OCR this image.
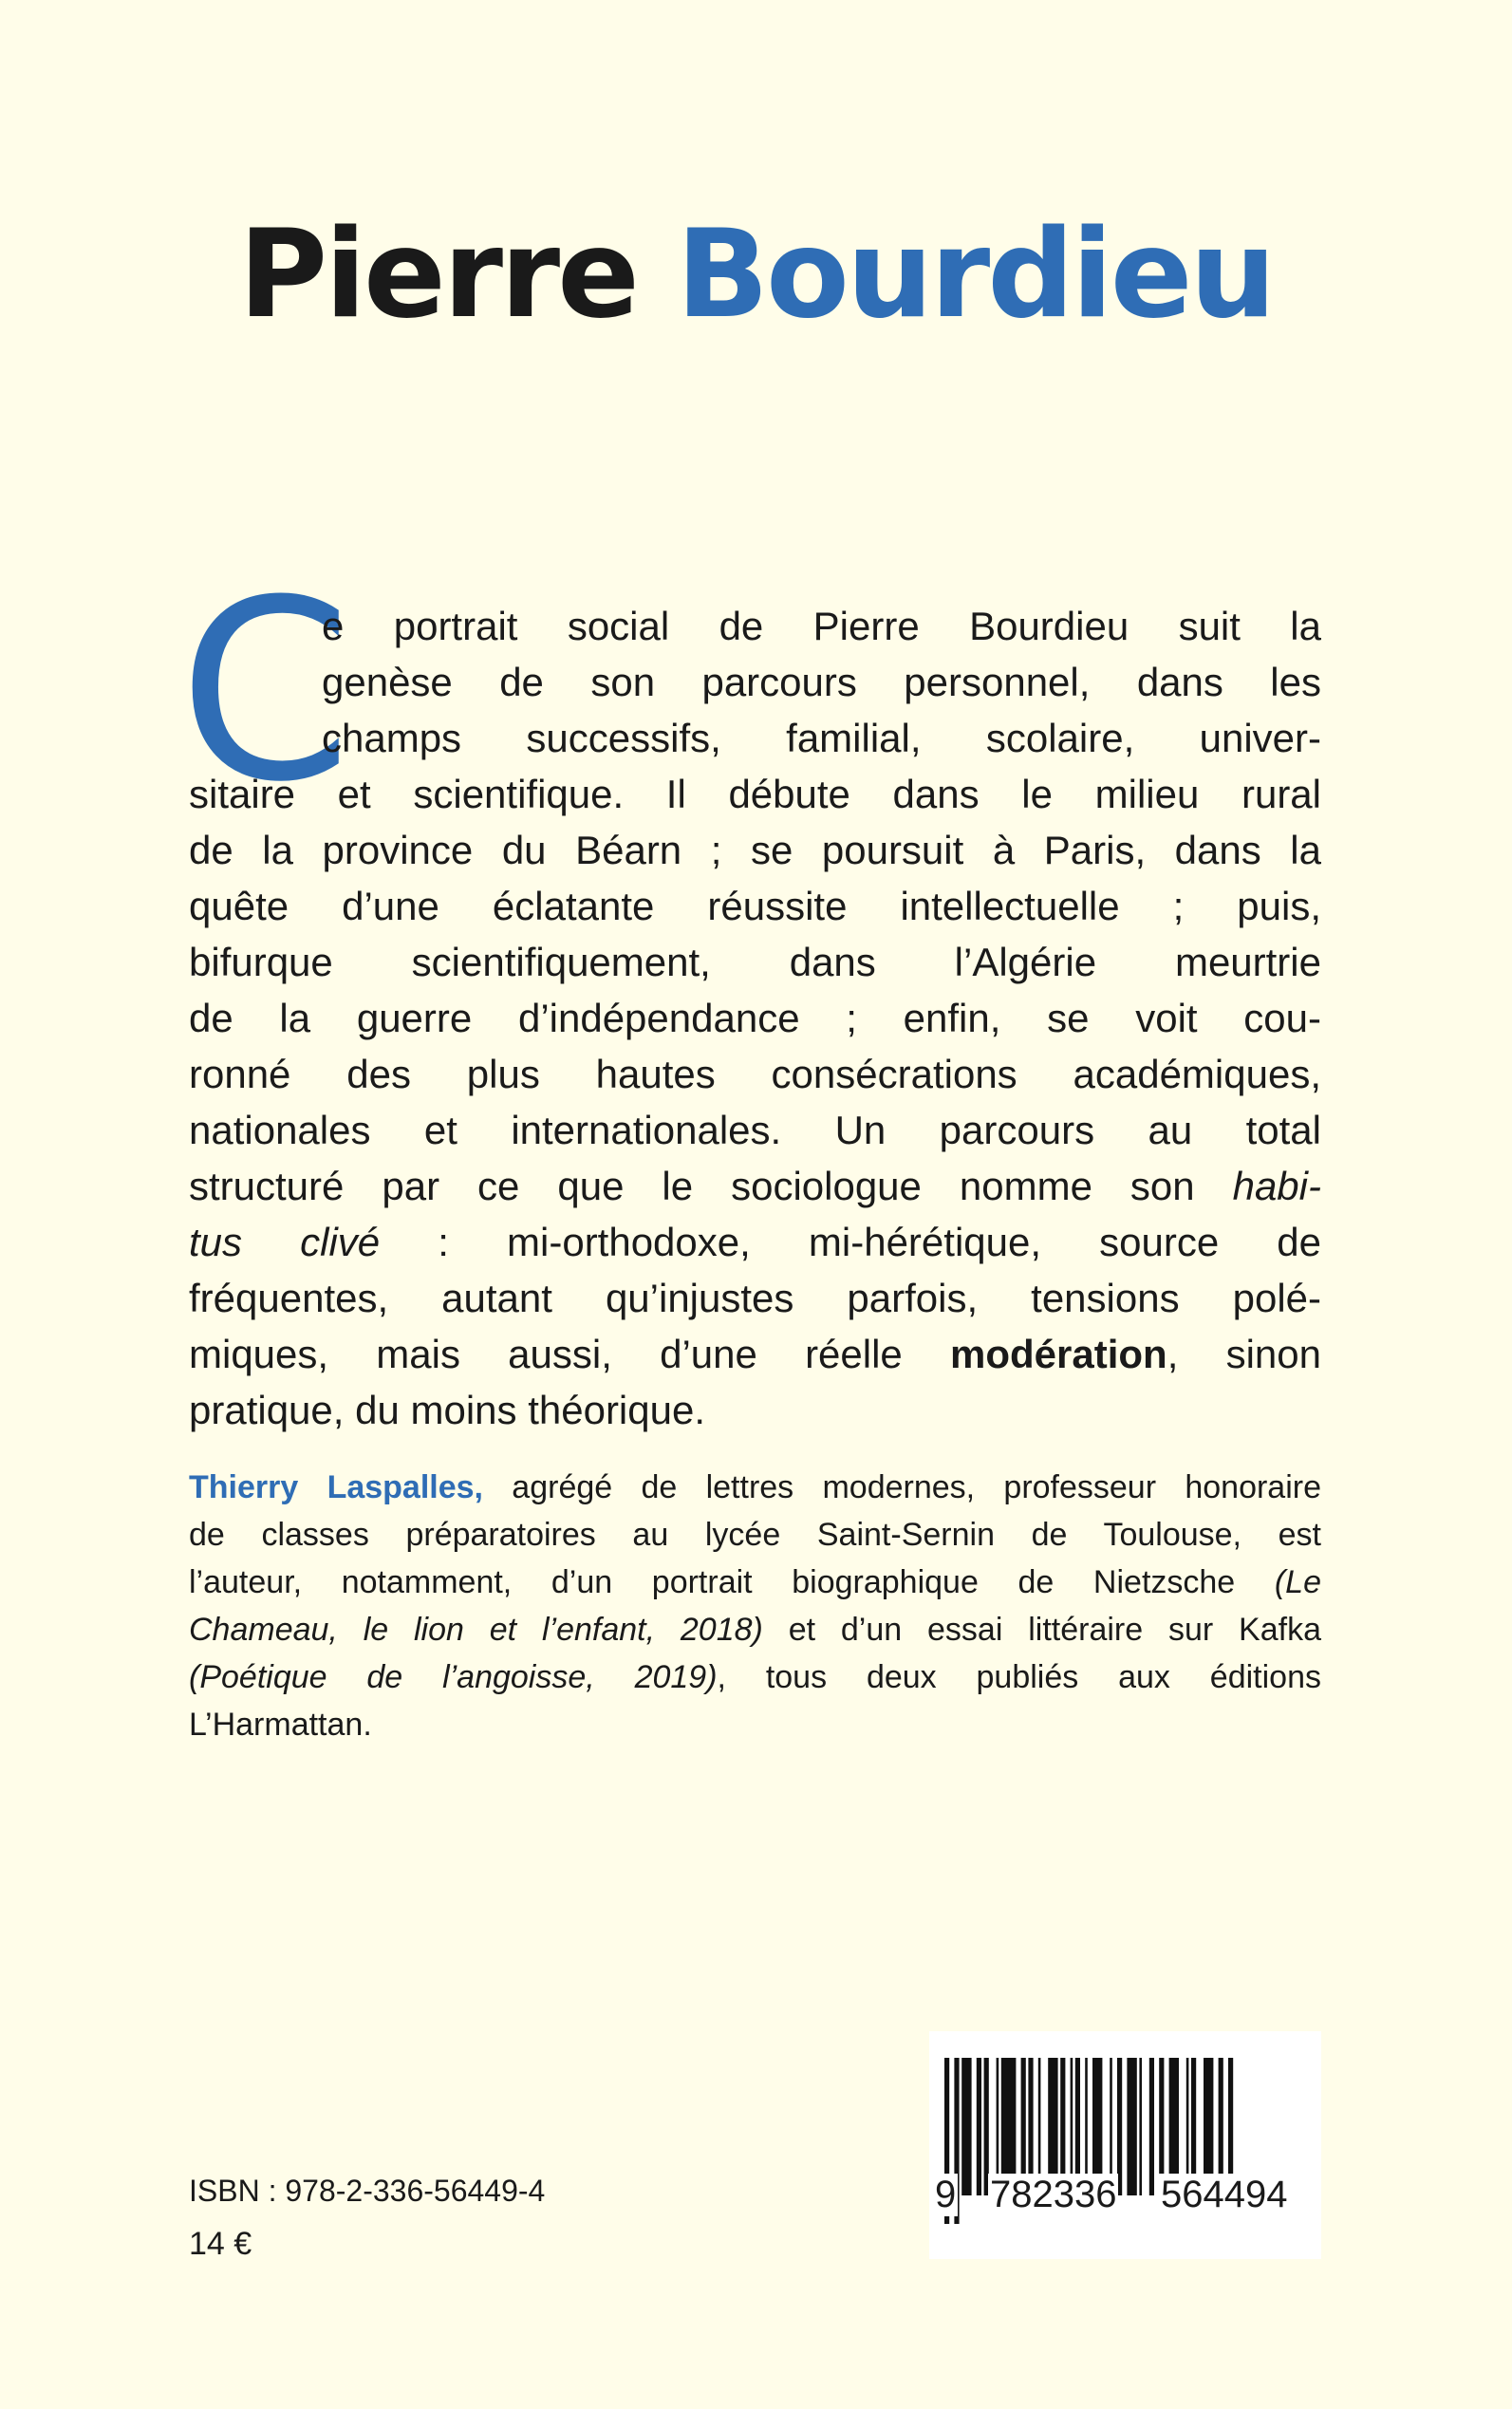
Pierre Bourdieu
C
e portrait social de Pierre Bourdieu suit la
genèse de son parcours personnel, dans les
champs successifs, familial, scolaire, univer-
sitaire et scientifique. Il débute dans le milieu rural
de la province du Béarn ; se poursuit à Paris, dans la
quête d’une éclatante réussite intellectuelle ; puis,
bifurque scientifiquement, dans l’Algérie meurtrie
de la guerre d’indépendance ; enfin, se voit cou-
ronné des plus hautes consécrations académiques,
nationales et internationales. Un parcours au total
structuré par ce que le sociologue nomme son habi-
tus clivé : mi-orthodoxe, mi-hérétique, source de
fréquentes, autant qu’injustes parfois, tensions polé-
miques, mais aussi, d’une réelle modération, sinon
pratique, du moins théorique.
Thierry Laspalles, agrégé de lettres modernes, professeur honoraire
de classes préparatoires au lycée Saint-Sernin de Toulouse, est
l’auteur, notamment, d’un portrait biographique de Nietzsche (Le
Chameau, le lion et l’enfant, 2018) et d’un essai littéraire sur Kafka
(Poétique de l’angoisse, 2019), tous deux publiés aux éditions
L’Harmattan.
ISBN : 978-2-336-56449-4
14 €
9 782336 564494
